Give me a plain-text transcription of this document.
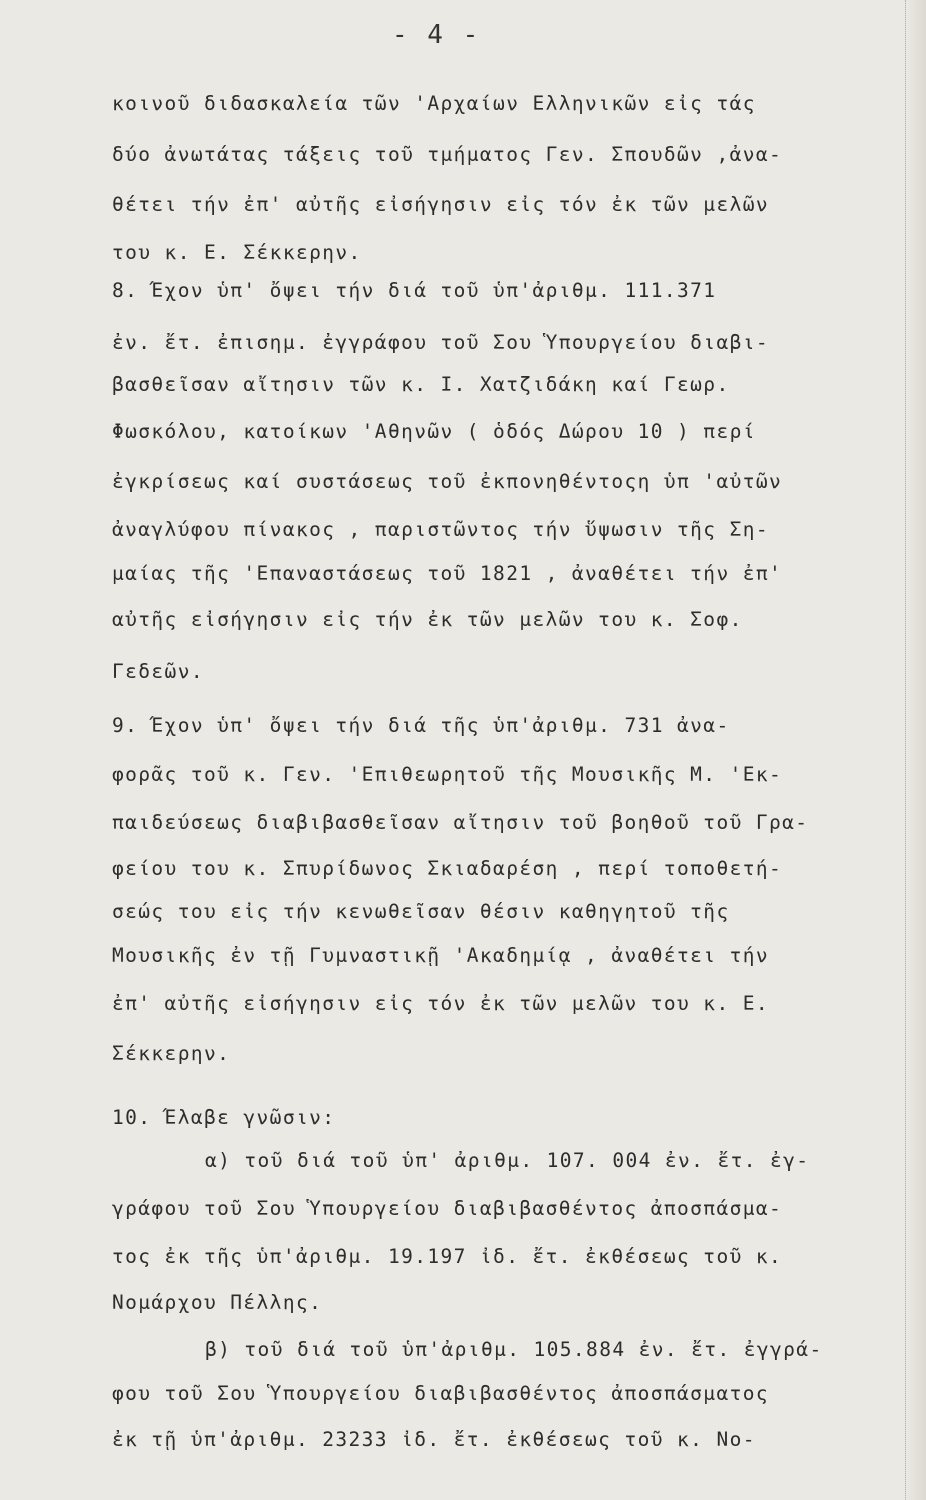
- 4 -
κοινοῦ διδασκαλεία τῶν 'Αρχαίων Ελληνικῶν εἰς τάς
δύο ἀνωτάτας τάξεις τοῦ τμήματος Γεν. Σπουδῶν ,ἀνα-
θέτει τήν ἐπ' αὐτῆς εἰσήγησιν εἰς τόν ἐκ τῶν μελῶν
του κ. Ε. Σέκκερην.
8. Έχον ὑπ' ὄψει τήν διά τοῦ ὑπ'ἀριθμ. 111.371
ἐν. ἔτ. ἐπισημ. ἐγγράφου τοῦ Σου Ὑπουργείου διαβι-
βασθεῖσαν αἴτησιν τῶν κ. Ι. Χατζιδάκη καί Γεωρ.
Φωσκόλου, κατοίκων 'Αθηνῶν ( ὁδός Δώρου 10 ) περί
ἐγκρίσεως καί συστάσεως τοῦ ἐκπονηθέντοςη ὑπ 'αὐτῶν
ἀναγλύφου πίνακος , παριστῶντος τήν ὕψωσιν τῆς Ση-
μαίας τῆς 'Επαναστάσεως τοῦ 1821 , ἀναθέτει τήν ἐπ'
αὐτῆς εἰσήγησιν εἰς τήν ἐκ τῶν μελῶν του κ. Σοφ.
Γεδεῶν.
9. Έχον ὑπ' ὄψει τήν διά τῆς ὑπ'ἀριθμ. 731 ἀνα-
φορᾶς τοῦ κ. Γεν. 'Επιθεωρητοῦ τῆς Μουσικῆς Μ. 'Εκ-
παιδεύσεως διαβιβασθεῖσαν αἴτησιν τοῦ βοηθοῦ τοῦ Γρα-
φείου του κ. Σπυρίδωνος Σκιαδαρέση , περί τοποθετή-
σεώς του εἰς τήν κενωθεῖσαν θέσιν καθηγητοῦ τῆς
Μουσικῆς ἐν τῇ Γυμναστικῇ 'Ακαδημίᾳ , ἀναθέτει τήν
ἐπ' αὐτῆς εἰσήγησιν εἰς τόν ἐκ τῶν μελῶν του κ. Ε.
Σέκκερην.
10. Έλαβε γνῶσιν:
α) τοῦ διά τοῦ ὑπ' ἀριθμ. 107. 004 ἐν. ἔτ. ἐγ-
γράφου τοῦ Σου Ὑπουργείου διαβιβασθέντος ἀποσπάσμα-
τος ἐκ τῆς ὑπ'ἀριθμ. 19.197 ἰδ. ἔτ. ἐκθέσεως τοῦ κ.
Νομάρχου Πέλλης.
β) τοῦ διά τοῦ ὑπ'ἀριθμ. 105.884 ἐν. ἔτ. ἐγγρά-
φου τοῦ Σου Ὑπουργείου διαβιβασθέντος ἀποσπάσματος
ἐκ τῇ ὑπ'ἀριθμ. 23233 ἰδ. ἔτ. ἐκθέσεως τοῦ κ. Νο-
